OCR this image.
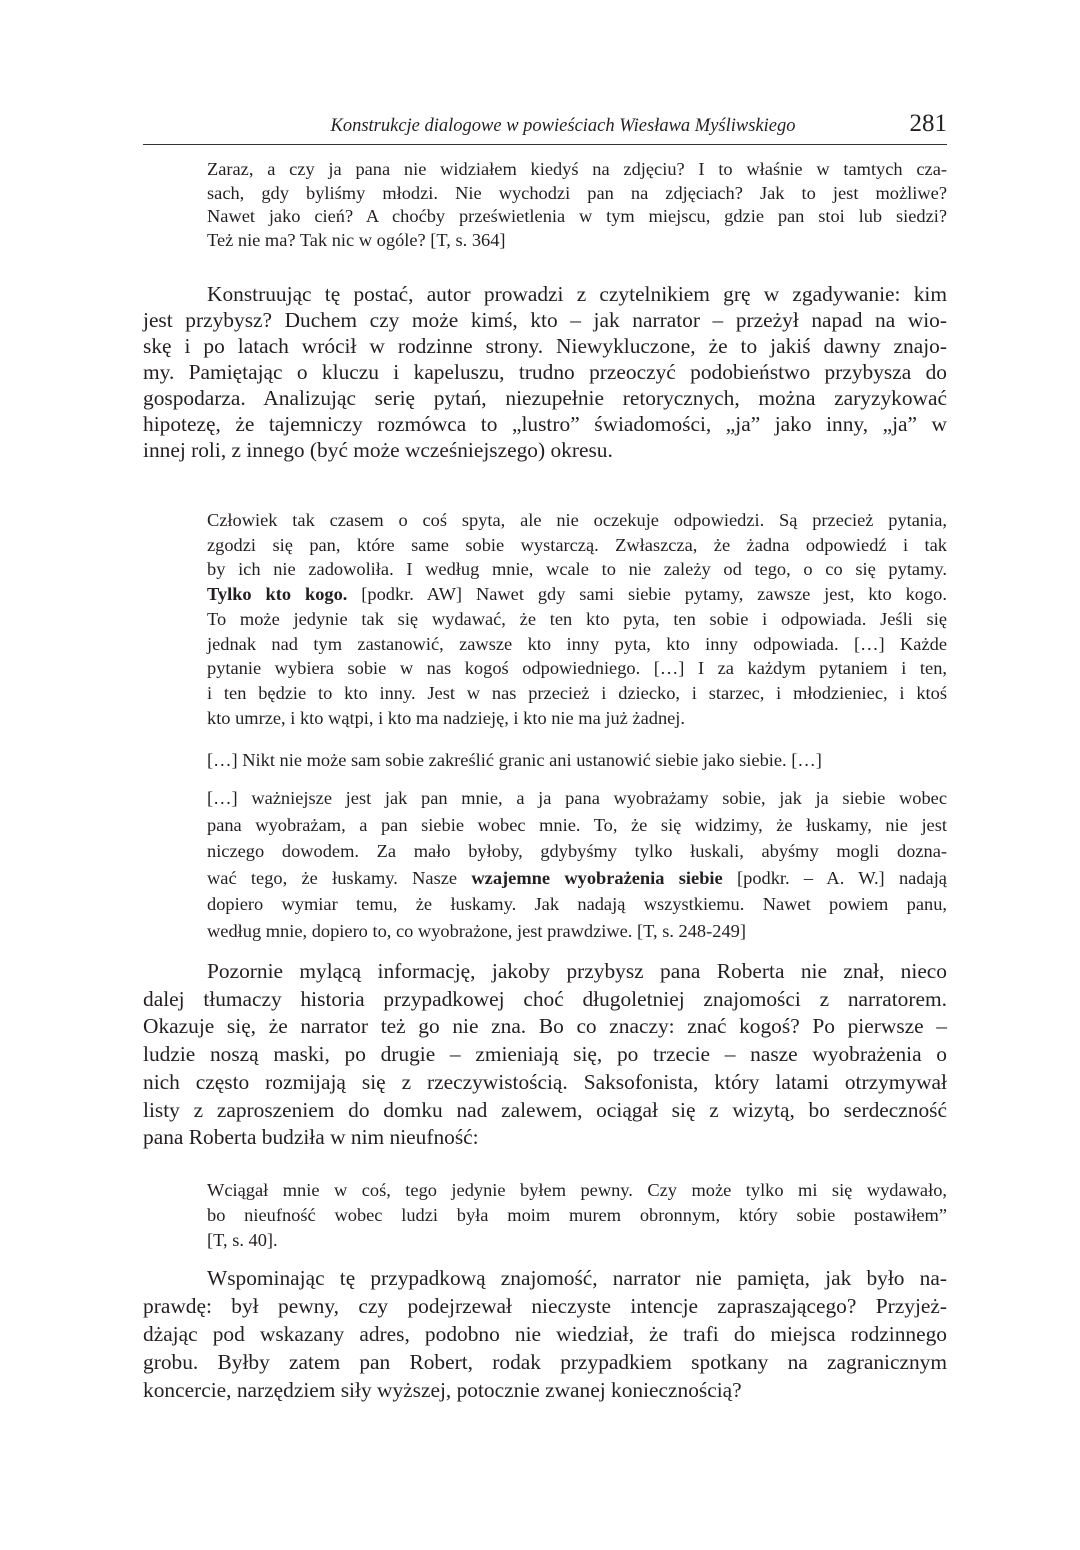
Konstrukcje dialogowe w powieściach Wiesława Myśliwskiego	281
Zaraz, a czy ja pana nie widziałem kiedyś na zdjęciu? I to właśnie w tamtych cza-
sach, gdy byliśmy młodzi. Nie wychodzi pan na zdjęciach? Jak to jest możliwe?
Nawet jako cień? A choćby prześwietlenia w tym miejscu, gdzie pan stoi lub siedzi?
Też nie ma? Tak nic w ogóle? [T, s. 364]
Konstruując tę postać, autor prowadzi z czytelnikiem grę w zgadywanie: kim
jest przybysz? Duchem czy może kimś, kto – jak narrator – przeżył napad na wio-
skę i po latach wrócił w rodzinne strony. Niewykluczone, że to jakiś dawny znajo-
my. Pamiętając o kluczu i kapeluszu, trudno przeoczyć podobieństwo przybysza do
gospodarza. Analizując serię pytań, niezupełnie retorycznych, można zaryzykować
hipotezę, że tajemniczy rozmówca to „lustro” świadomości, „ja” jako inny, „ja” w
innej roli, z innego (być może wcześniejszego) okresu.
Człowiek tak czasem o coś spyta, ale nie oczekuje odpowiedzi. Są przecież pytania,
zgodzi się pan, które same sobie wystarczą. Zwłaszcza, że żadna odpowiedź i tak
by ich nie zadowoliła. I według mnie, wcale to nie zależy od tego, o co się pytamy.
Tylko kto kogo. [podkr. AW] Nawet gdy sami siebie pytamy, zawsze jest, kto kogo.
To może jedynie tak się wydawać, że ten kto pyta, ten sobie i odpowiada. Jeśli się
jednak nad tym zastanowić, zawsze kto inny pyta, kto inny odpowiada. […] Każde
pytanie wybiera sobie w nas kogoś odpowiedniego. […] I za każdym pytaniem i ten,
i ten będzie to kto inny. Jest w nas przecież i dziecko, i starzec, i młodzieniec, i ktoś
kto umrze, i kto wątpi, i kto ma nadzieję, i kto nie ma już żadnej.
[…] Nikt nie może sam sobie zakreślić granic ani ustanowić siebie jako siebie. […]
[…] ważniejsze jest jak pan mnie, a ja pana wyobrażamy sobie, jak ja siebie wobec
pana wyobrażam, a pan siebie wobec mnie. To, że się widzimy, że łuskamy, nie jest
niczego dowodem. Za mało byłoby, gdybyśmy tylko łuskali, abyśmy mogli dozna-
wać tego, że łuskamy. Nasze wzajemne wyobrażenia siebie [podkr. – A. W.] nadają
dopiero wymiar temu, że łuskamy. Jak nadają wszystkiemu. Nawet powiem panu,
według mnie, dopiero to, co wyobrażone, jest prawdziwe. [T, s. 248-249]
Pozornie mylącą informację, jakoby przybysz pana Roberta nie znał, nieco
dalej tłumaczy historia przypadkowej choć długoletniej znajomości z narratorem.
Okazuje się, że narrator też go nie zna. Bo co znaczy: znać kogoś? Po pierwsze –
ludzie noszą maski, po drugie – zmieniają się, po trzecie – nasze wyobrażenia o
nich często rozmijają się z rzeczywistością. Saksofonista, który latami otrzymywał
listy z zaproszeniem do domku nad zalewem, ociągał się z wizytą, bo serdeczność
pana Roberta budziła w nim nieufność:
Wciągał mnie w coś, tego jedynie byłem pewny. Czy może tylko mi się wydawało,
bo nieufność wobec ludzi była moim murem obronnym, który sobie postawiłem”
[T, s. 40].
Wspominając tę przypadkową znajomość, narrator nie pamięta, jak było na-
prawdę: był pewny, czy podejrzewał nieczyste intencje zapraszającego? Przyjeż-
dżając pod wskazany adres, podobno nie wiedział, że trafi do miejsca rodzinnego
grobu. Byłby zatem pan Robert, rodak przypadkiem spotkany na zagranicznym
koncercie, narzędziem siły wyższej, potocznie zwanej koniecznością?
